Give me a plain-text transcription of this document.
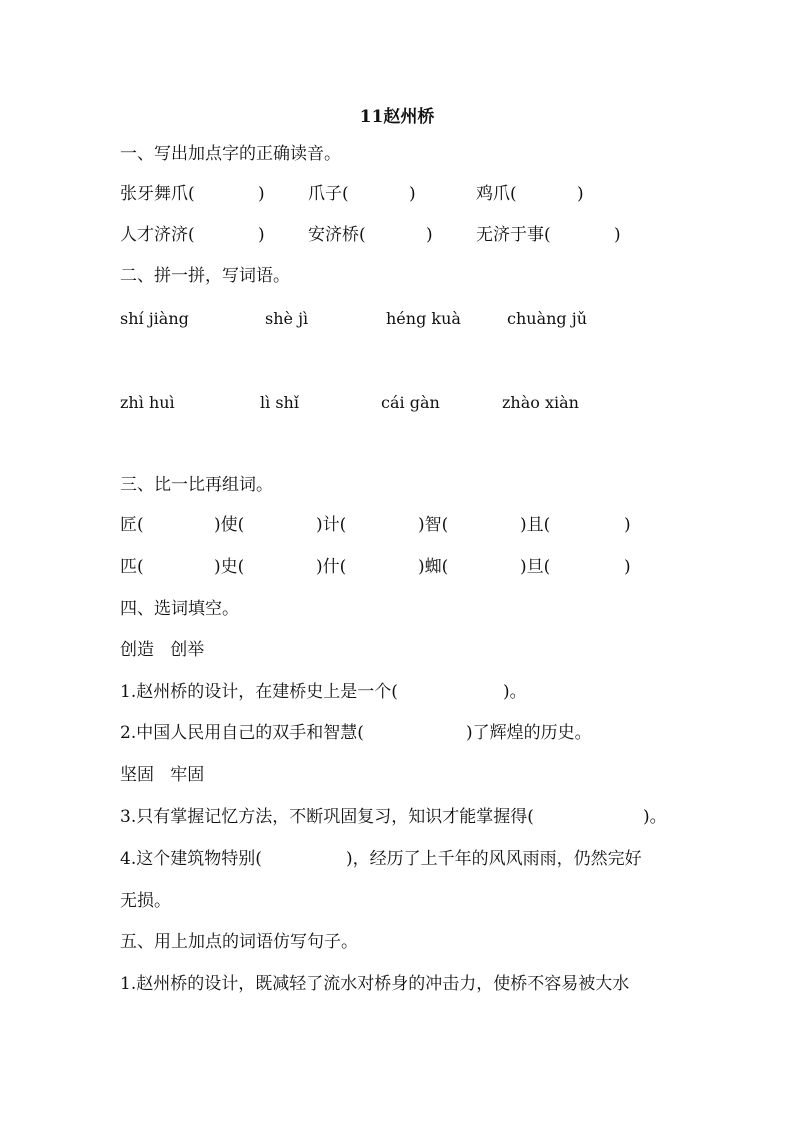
11赵州桥
一、写出加点字的正确读音。
张牙舞爪(	)	爪子(	)	鸡爪(	)
人才济济(	)	安济桥(	)	无济于事(	)
二、拼一拼，写词语。
shí jiàng	shè jì	héng kuà	chuàng jǔ
zhì huì	lì shǐ	cái gàn	zhào xiàn
三、比一比再组词。
匠(	)使(	)计(	)智(	)且(	)
匹(	)史(	)什(	)蜘(	)旦(	)
四、选词填空。
创造   创举
1.赵州桥的设计，在建桥史上是一个(	)。
2.中国人民用自己的双手和智慧(	)了辉煌的历史。
坚固   牢固
3.只有掌握记忆方法，不断巩固复习，知识才能掌握得(	)。
4.这个建筑物特别(	)，经历了上千年的风风雨雨，仍然完好
无损。
五、用上加点的词语仿写句子。
1.赵州桥的设计，既减轻了流水对桥身的冲击力，使桥不容易被大水
